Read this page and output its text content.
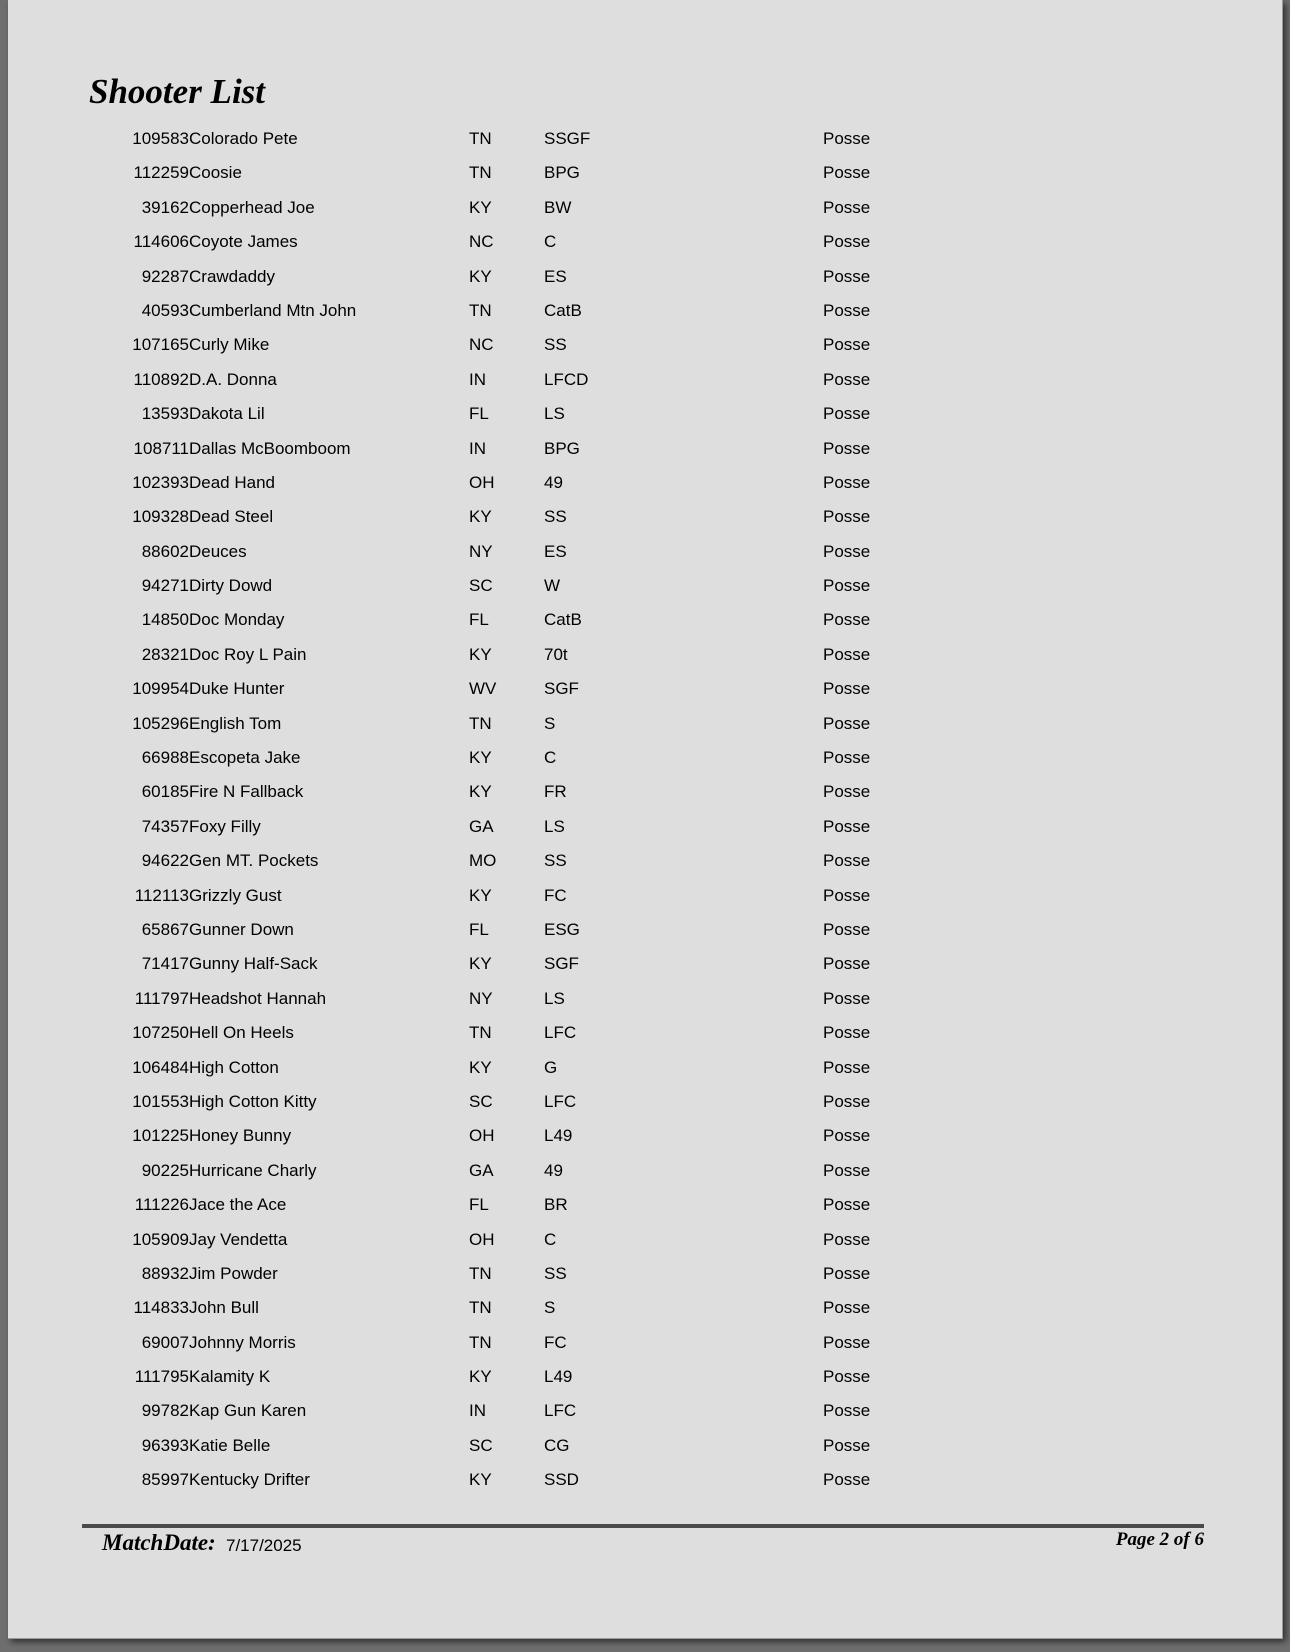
Shooter List
109583 Colorado Pete	TN	SSGF	Posse
112259 Coosie	TN	BPG	Posse
39162 Copperhead Joe	KY	BW	Posse
114606 Coyote James	NC	C	Posse
92287 Crawdaddy	KY	ES	Posse
40593 Cumberland Mtn John	TN	CatB	Posse
107165 Curly Mike	NC	SS	Posse
110892 D.A. Donna	IN	LFCD	Posse
13593 Dakota Lil	FL	LS	Posse
108711 Dallas McBoomboom	IN	BPG	Posse
102393 Dead Hand	OH	49	Posse
109328 Dead Steel	KY	SS	Posse
88602 Deuces	NY	ES	Posse
94271 Dirty Dowd	SC	W	Posse
14850 Doc Monday	FL	CatB	Posse
28321 Doc Roy L Pain	KY	70t	Posse
109954 Duke Hunter	WV	SGF	Posse
105296 English Tom	TN	S	Posse
66988 Escopeta Jake	KY	C	Posse
60185 Fire N Fallback	KY	FR	Posse
74357 Foxy Filly	GA	LS	Posse
94622 Gen MT. Pockets	MO	SS	Posse
112113 Grizzly Gust	KY	FC	Posse
65867 Gunner Down	FL	ESG	Posse
71417 Gunny Half-Sack	KY	SGF	Posse
111797 Headshot Hannah	NY	LS	Posse
107250 Hell On Heels	TN	LFC	Posse
106484 High Cotton	KY	G	Posse
101553 High Cotton Kitty	SC	LFC	Posse
101225 Honey Bunny	OH	L49	Posse
90225 Hurricane Charly	GA	49	Posse
111226 Jace the Ace	FL	BR	Posse
105909 Jay Vendetta	OH	C	Posse
88932 Jim Powder	TN	SS	Posse
114833 John Bull	TN	S	Posse
69007 Johnny Morris	TN	FC	Posse
111795 Kalamity K	KY	L49	Posse
99782 Kap Gun Karen	IN	LFC	Posse
96393 Katie Belle	SC	CG	Posse
85997 Kentucky Drifter	KY	SSD	Posse
MatchDate: 7/17/2025	Page 2 of 6
